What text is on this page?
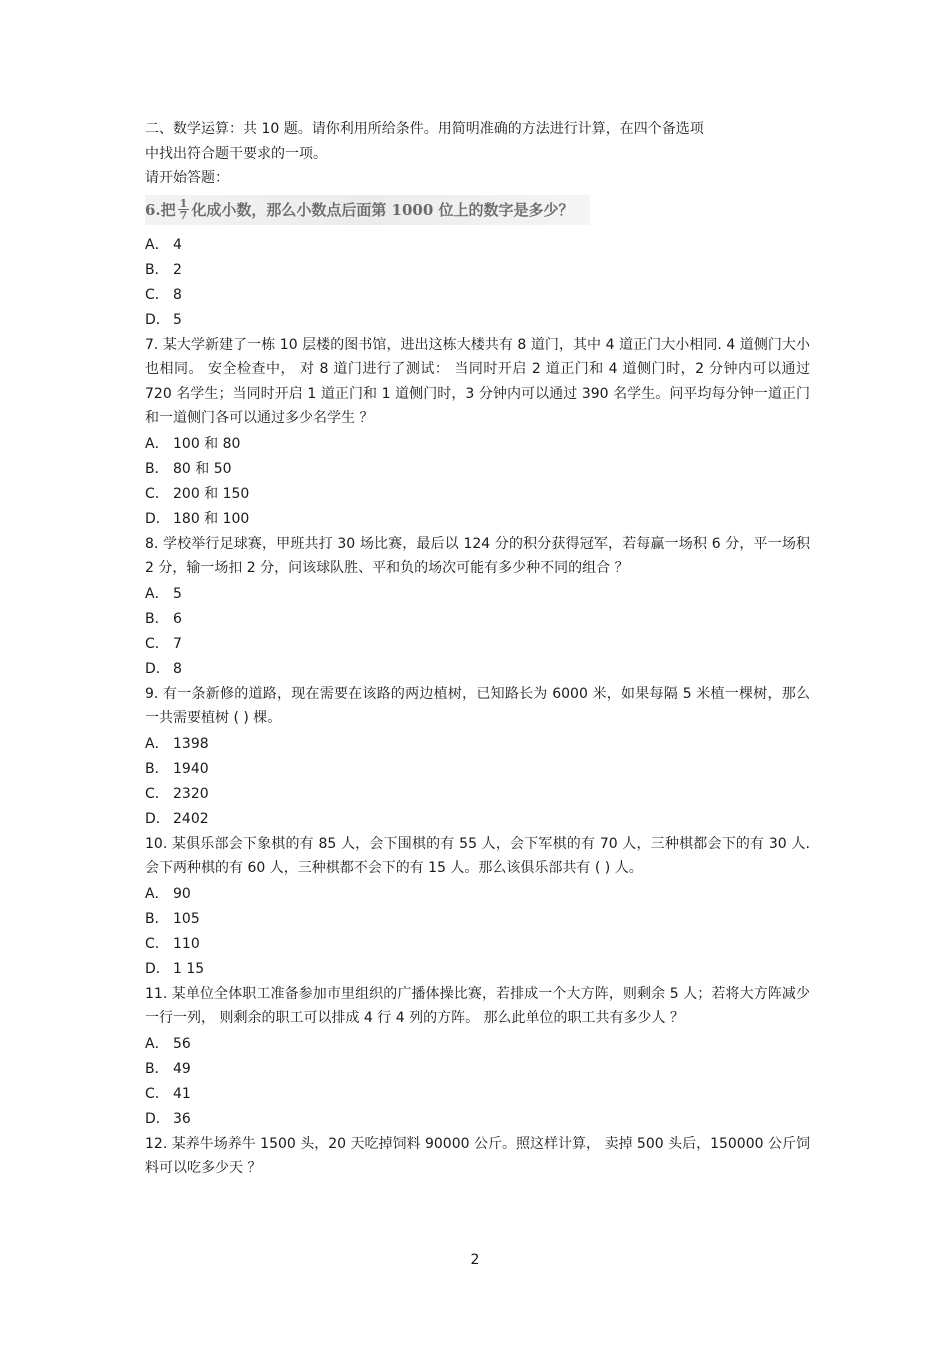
二、数学运算：共 10 题。请你利用所给条件。用简明准确的方法进行计算，在四个备选项

中找出符合题干要求的一项。

请开始答题：

6.把 $\frac{1}{7}$ 化成小数，那么小数点后面第 1000 位上的数字是多少？
A． 4
B． 2
C． 8
D． 5

7. 某大学新建了一栋 10 层楼的图书馆，进出这栋大楼共有 8 道门，其中 4 道正门大小相同. 4 道侧门大小也相同。 安全检查中， 对 8 道门进行了测试： 当同时开启 2 道正门和 4 道侧门时，2 分钟内可以通过 720 名学生；当同时开启 1 道正门和 1 道侧门时，3 分钟内可以通过 390 名学生。问平均每分钟一道正门和一道侧门各可以通过多少名学生 ？

A． 100 和 80
B． 80 和 50
C． 200 和 150
D． 180 和 100

8. 学校举行足球赛，甲班共打 30 场比赛，最后以 124 分的积分获得冠军，若每赢一场积 6 分，平一场积 2 分，输一场扣 2 分，问该球队胜、平和负的场次可能有多少种不同的组合 ？

A． 5
B． 6
C． 7
D． 8

9. 有一条新修的道路，现在需要在该路的两边植树，已知路长为 6000 米，如果每隔 5 米植一棵树，那么一共需要植树 ( ) 棵。

A． 1398
B． 1940
C． 2320
D． 2402

10. 某俱乐部会下象棋的有 85 人，会下围棋的有 55 人，会下军棋的有 70 人，三种棋都会下的有 30 人. 会下两种棋的有 60 人，三种棋都不会下的有 15 人。那么该俱乐部共有 ( ) 人。

A． 90
B． 105
C． 110
D． 1 15

11. 某单位全体职工准备参加市里组织的广播体操比赛，若排成一个大方阵，则剩余 5 人；若将大方阵减少一行一列， 则剩余的职工可以排成 4 行 4 列的方阵。 那么此单位的职工共有多少人 ？

A． 56
B． 49
C． 41
D． 36

12. 某养牛场养牛 1500 头，20 天吃掉饲料 90000 公斤。照这样计算， 卖掉 500 头后，150000 公斤饲料可以吃多少天 ？

2
